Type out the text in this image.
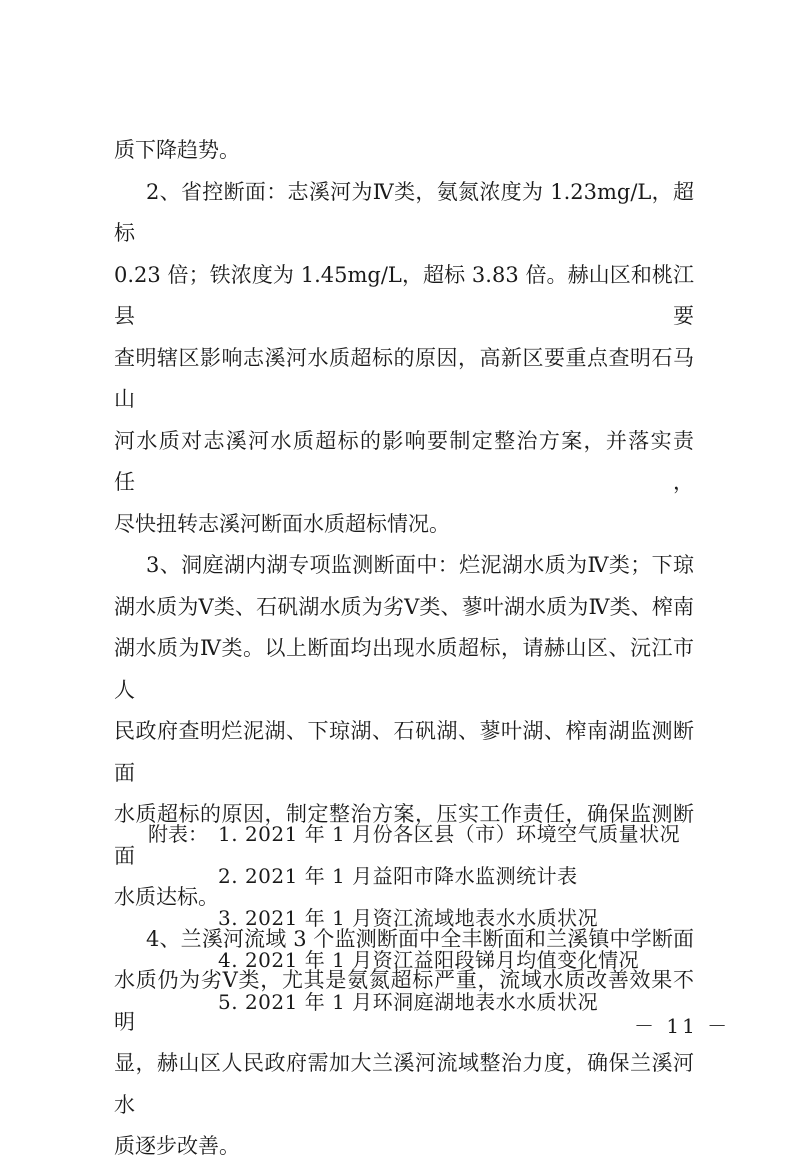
质下降趋势。

2、省控断面：志溪河为Ⅳ类，氨氮浓度为 1.23mg/L，超标

0.23 倍；铁浓度为 1.45mg/L，超标 3.83 倍。赫山区和桃江县要

查明辖区影响志溪河水质超标的原因，高新区要重点查明石马山

河水质对志溪河水质超标的影响要制定整治方案，并落实责任，

尽快扭转志溪河断面水质超标情况。

3、洞庭湖内湖专项监测断面中：烂泥湖水质为Ⅳ类；下琼

湖水质为Ⅴ类、石矾湖水质为劣Ⅴ类、蓼叶湖水质为Ⅳ类、榨南

湖水质为Ⅳ类。以上断面均出现水质超标，请赫山区、沅江市人

民政府查明烂泥湖、下琼湖、石矾湖、蓼叶湖、榨南湖监测断面

水质超标的原因，制定整治方案，压实工作责任，确保监测断面

水质达标。

4、兰溪河流域 3 个监测断面中全丰断面和兰溪镇中学断面

水质仍为劣Ⅴ类，尤其是氨氮超标严重，流域水质改善效果不明

显，赫山区人民政府需加大兰溪河流域整治力度，确保兰溪河水

质逐步改善。

附表： 1. 2021 年 1 月份各区县（市）环境空气质量状况
2. 2021 年 1 月益阳市降水监测统计表
3. 2021 年 1 月资江流域地表水水质状况
4. 2021 年 1 月资江益阳段锑月均值变化情况
5. 2021 年 1 月环洞庭湖地表水水质状况
－ 11 －
